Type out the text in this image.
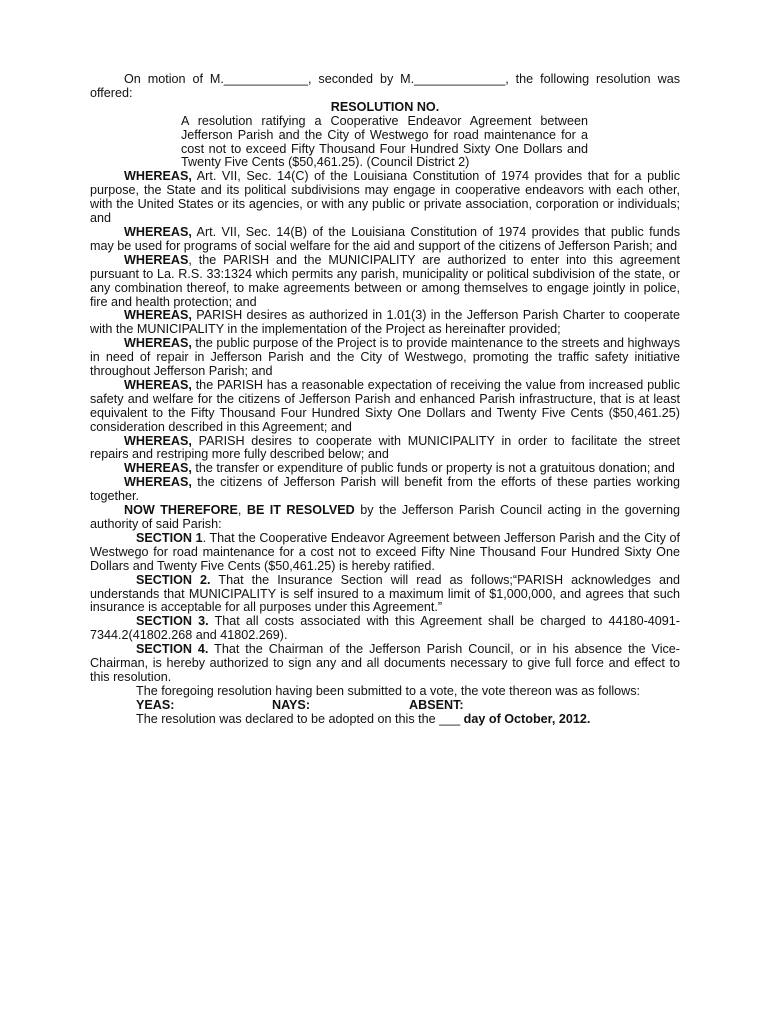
On motion of M.____________, seconded by M._____________, the following resolution was offered:

RESOLUTION NO.

A resolution ratifying a Cooperative Endeavor Agreement between Jefferson Parish and the City of Westwego for road maintenance for a cost not to exceed Fifty Thousand Four Hundred Sixty One Dollars and Twenty Five Cents ($50,461.25). (Council District 2)

WHEREAS, Art. VII, Sec. 14(C) of the Louisiana Constitution of 1974 provides that for a public purpose, the State and its political subdivisions may engage in cooperative endeavors with each other, with the United States or its agencies, or with any public or private association, corporation or individuals; and

WHEREAS, Art. VII, Sec. 14(B) of the Louisiana Constitution of 1974 provides that public funds may be used for programs of social welfare for the aid and support of the citizens of Jefferson Parish; and

WHEREAS, the PARISH and the MUNICIPALITY are authorized to enter into this agreement pursuant to La. R.S. 33:1324 which permits any parish, municipality or political subdivision of the state, or any combination thereof, to make agreements between or among themselves to engage jointly in police, fire and health protection; and

WHEREAS, PARISH desires as authorized in 1.01(3) in the Jefferson Parish Charter to cooperate with the MUNICIPALITY in the implementation of the Project as hereinafter provided;

WHEREAS, the public purpose of the Project is to provide maintenance to the streets and highways in need of repair in Jefferson Parish and the City of Westwego, promoting the traffic safety initiative throughout Jefferson Parish; and

WHEREAS, the PARISH has a reasonable expectation of receiving the value from increased public safety and welfare for the citizens of Jefferson Parish and enhanced Parish infrastructure, that is at least equivalent to the Fifty Thousand Four Hundred Sixty One Dollars and Twenty Five Cents ($50,461.25) consideration described in this Agreement; and

WHEREAS, PARISH desires to cooperate with MUNICIPALITY in order to facilitate the street repairs and restriping more fully described below; and

WHEREAS, the transfer or expenditure of public funds or property is not a gratuitous donation; and

WHEREAS, the citizens of Jefferson Parish will benefit from the efforts of these parties working together.

NOW THEREFORE, BE IT RESOLVED by the Jefferson Parish Council acting in the governing authority of said Parish:

SECTION 1. That the Cooperative Endeavor Agreement between Jefferson Parish and the City of Westwego for road maintenance for a cost not to exceed Fifty Nine Thousand Four Hundred Sixty One Dollars and Twenty Five Cents ($50,461.25) is hereby ratified.

SECTION 2. That the Insurance Section will read as follows;“PARISH acknowledges and understands that MUNICIPALITY is self insured to a maximum limit of $1,000,000, and agrees that such insurance is acceptable for all purposes under this Agreement.”

SECTION 3. That all costs associated with this Agreement shall be charged to 44180-4091-7344.2(41802.268 and 41802.269).

SECTION 4. That the Chairman of the Jefferson Parish Council, or in his absence the Vice-Chairman, is hereby authorized to sign any and all documents necessary to give full force and effect to this resolution.

The foregoing resolution having been submitted to a vote, the vote thereon was as follows:

YEAS:	NAYS:	ABSENT:

The resolution was declared to be adopted on this the ___ day of October, 2012.
